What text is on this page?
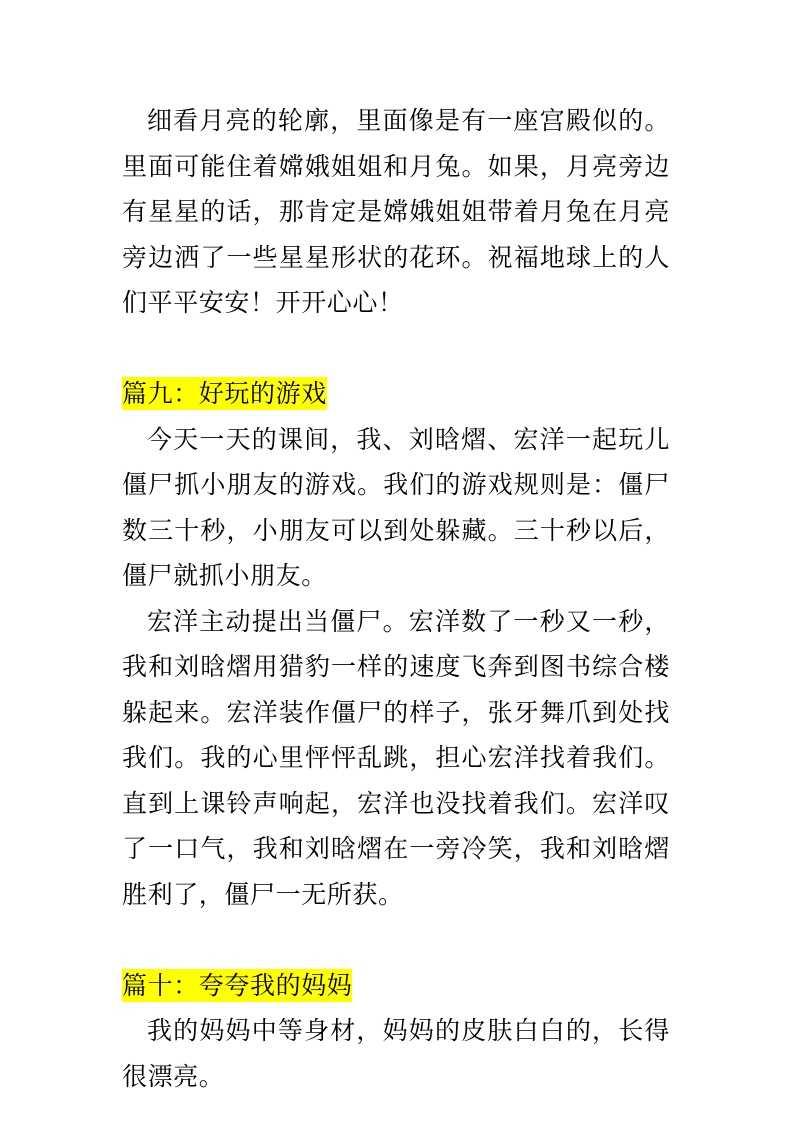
细看月亮的轮廓，里面像是有一座宫殿似的。里面可能住着嫦娥姐姐和月兔。如果，月亮旁边有星星的话，那肯定是嫦娥姐姐带着月兔在月亮旁边洒了一些星星形状的花环。祝福地球上的人们平平安安！开开心心！

篇九：好玩的游戏

今天一天的课间，我、刘晗熠、宏洋一起玩儿僵尸抓小朋友的游戏。我们的游戏规则是：僵尸数三十秒，小朋友可以到处躲藏。三十秒以后，僵尸就抓小朋友。

宏洋主动提出当僵尸。宏洋数了一秒又一秒，我和刘晗熠用猎豹一样的速度飞奔到图书综合楼躲起来。宏洋装作僵尸的样子，张牙舞爪到处找我们。我的心里怦怦乱跳，担心宏洋找着我们。直到上课铃声响起，宏洋也没找着我们。宏洋叹了一口气，我和刘晗熠在一旁冷笑，我和刘晗熠胜利了，僵尸一无所获。

篇十：夸夸我的妈妈

我的妈妈中等身材，妈妈的皮肤白白的，长得很漂亮。
